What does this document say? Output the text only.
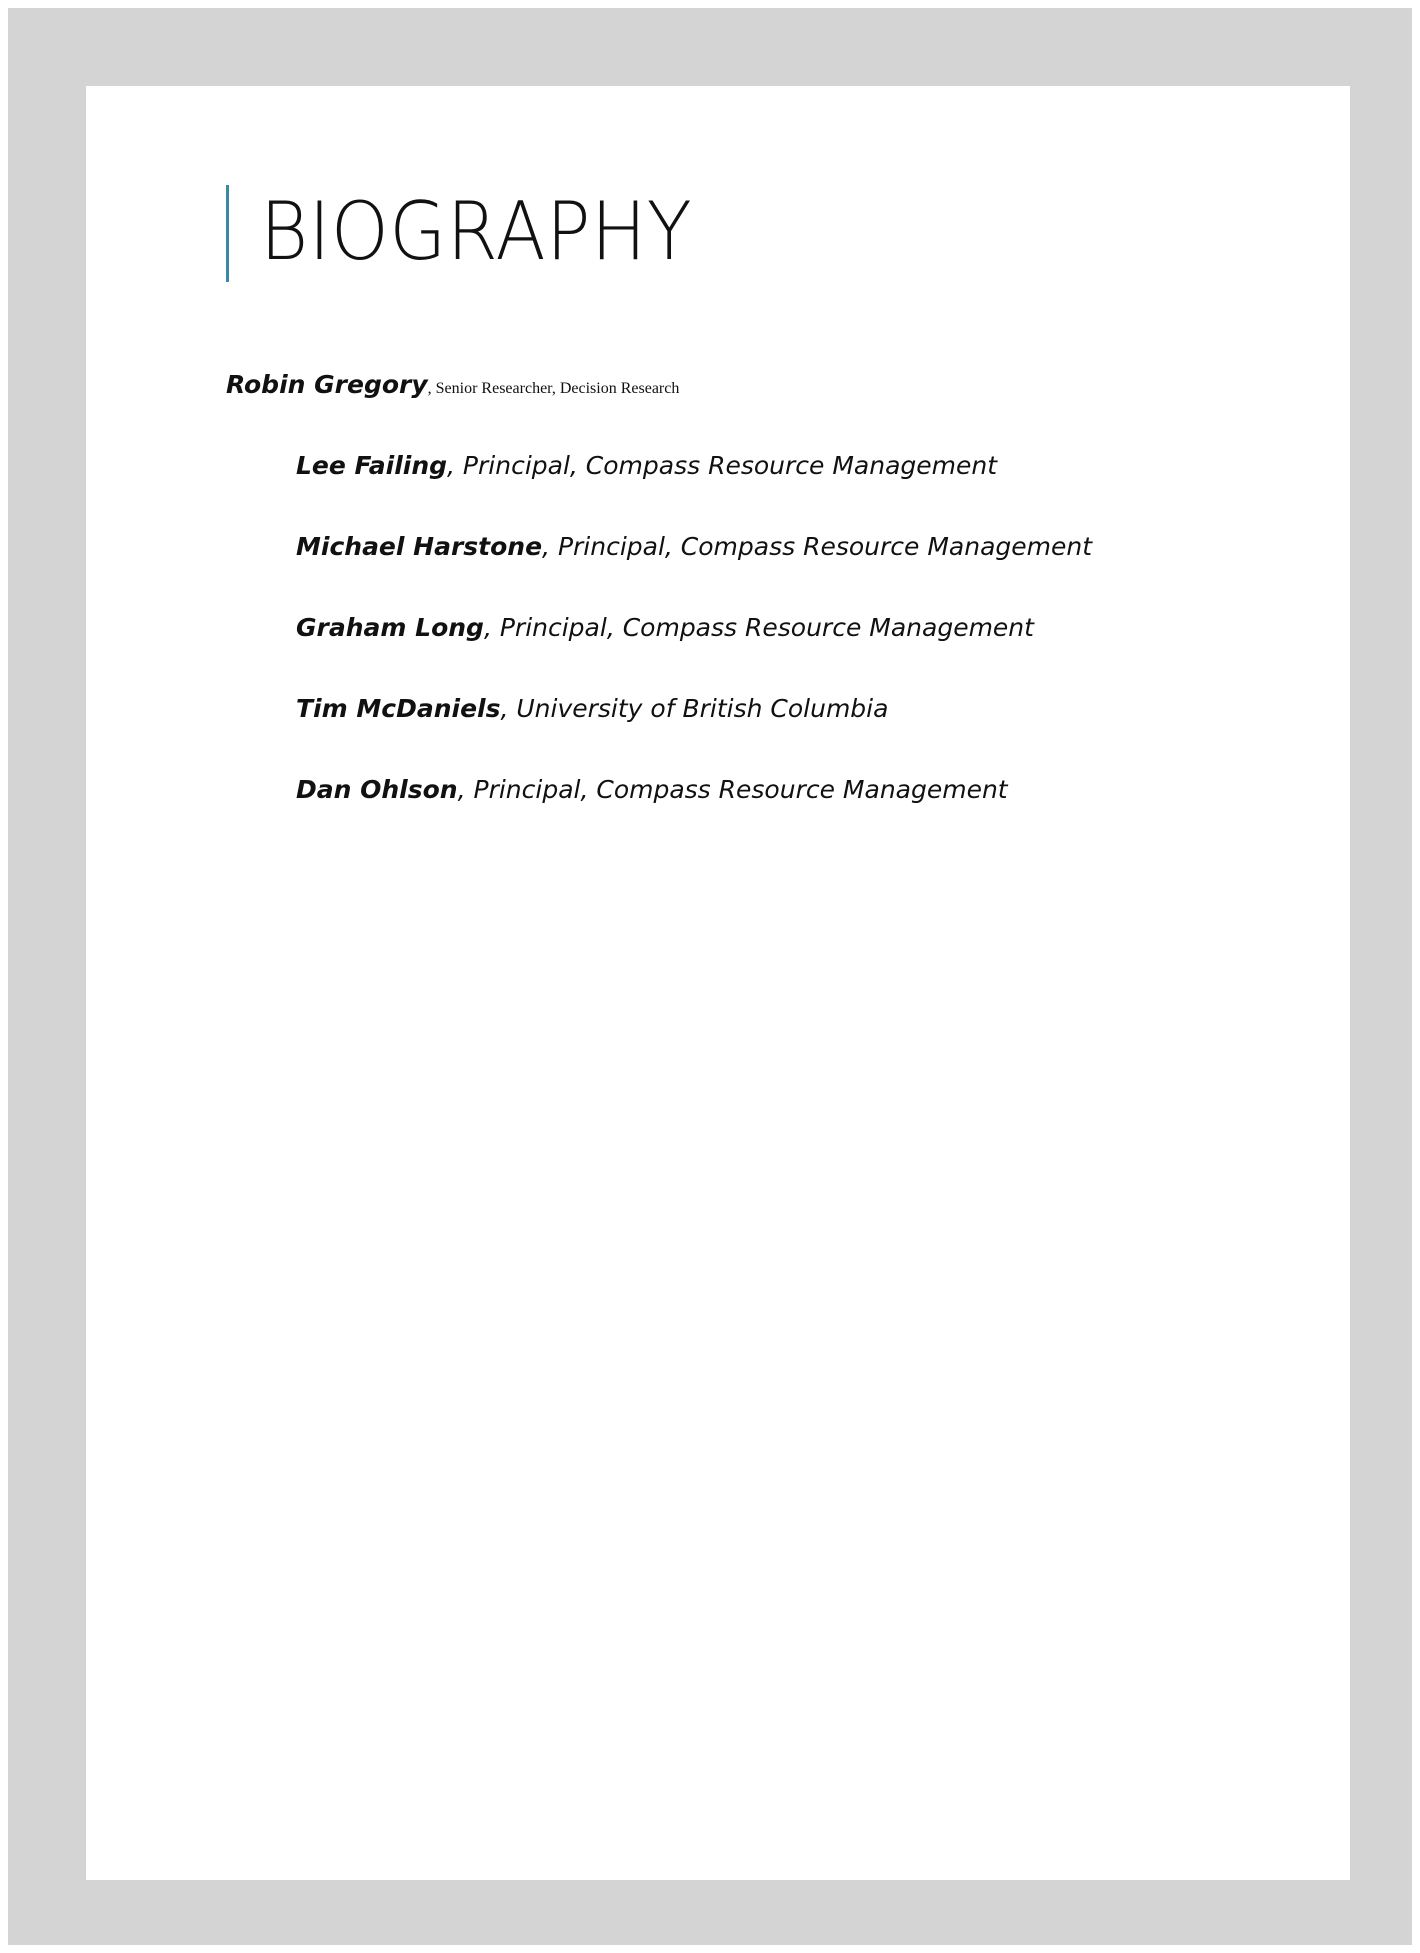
BIOGRAPHY
Robin Gregory, Senior Researcher, Decision Research
Lee Failing, Principal, Compass Resource Management
Michael Harstone, Principal, Compass Resource Management
Graham Long, Principal, Compass Resource Management
Tim McDaniels, University of British Columbia
Dan Ohlson, Principal, Compass Resource Management
